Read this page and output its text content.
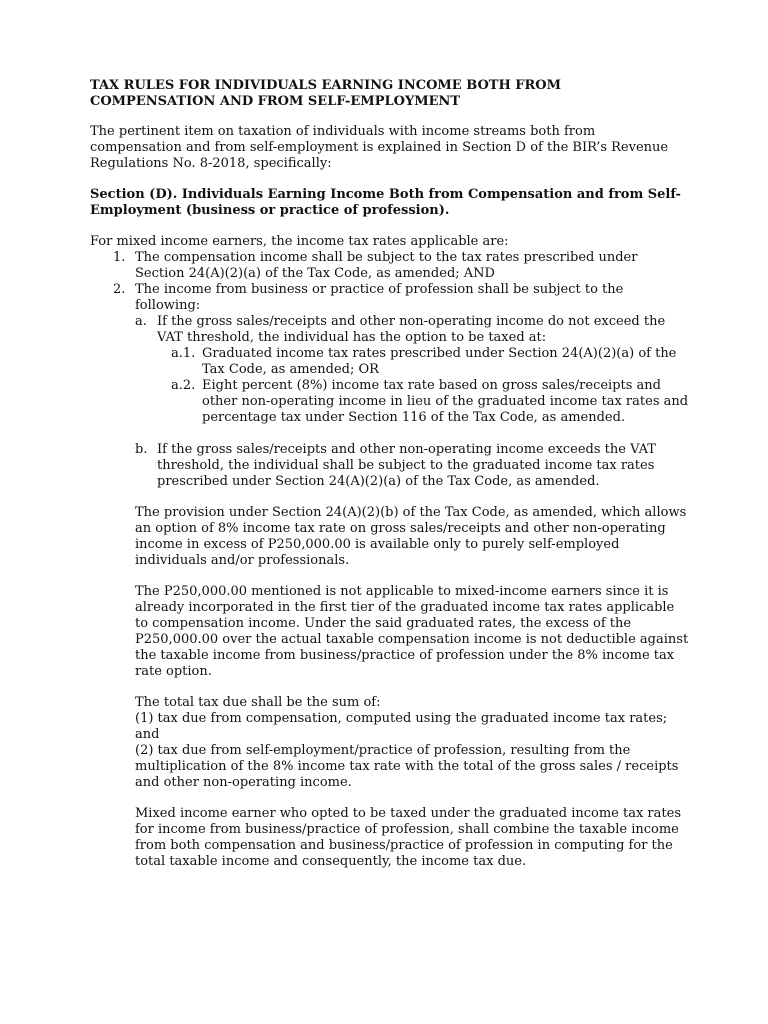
TAX RULES FOR INDIVIDUALS EARNING INCOME BOTH FROM COMPENSATION AND FROM SELF-EMPLOYMENT

The pertinent item on taxation of individuals with income streams both from compensation and from self-employment is explained in Section D of the BIR’s Revenue Regulations No. 8-2018, specifically:

Section (D). Individuals Earning Income Both from Compensation and from Self-Employment (business or practice of profession).
For mixed income earners, the income tax rates applicable are:
1. The compensation income shall be subject to the tax rates prescribed under Section 24(A)(2)(a) of the Tax Code, as amended; AND
2. The income from business or practice of profession shall be subject to the following:
a. If the gross sales/receipts and other non-operating income do not exceed the VAT threshold, the individual has the option to be taxed at:
a.1. Graduated income tax rates prescribed under Section 24(A)(2)(a) of the Tax Code, as amended; OR
a.2. Eight percent (8%) income tax rate based on gross sales/receipts and other non-operating income in lieu of the graduated income tax rates and percentage tax under Section 116 of the Tax Code, as amended.
b. If the gross sales/receipts and other non-operating income exceeds the VAT threshold, the individual shall be subject to the graduated income tax rates prescribed under Section 24(A)(2)(a) of the Tax Code, as amended.

The provision under Section 24(A)(2)(b) of the Tax Code, as amended, which allows an option of 8% income tax rate on gross sales/receipts and other non-operating income in excess of P250,000.00 is available only to purely self-employed individuals and/or professionals.

The P250,000.00 mentioned is not applicable to mixed-income earners since it is already incorporated in the first tier of the graduated income tax rates applicable to compensation income. Under the said graduated rates, the excess of the P250,000.00 over the actual taxable compensation income is not deductible against the taxable income from business/practice of profession under the 8% income tax rate option.

The total tax due shall be the sum of:
(1) tax due from compensation, computed using the graduated income tax rates; and
(2) tax due from self-employment/practice of profession, resulting from the multiplication of the 8% income tax rate with the total of the gross sales / receipts and other non-operating income.

Mixed income earner who opted to be taxed under the graduated income tax rates for income from business/practice of profession, shall combine the taxable income from both compensation and business/practice of profession in computing for the total taxable income and consequently, the income tax due.
